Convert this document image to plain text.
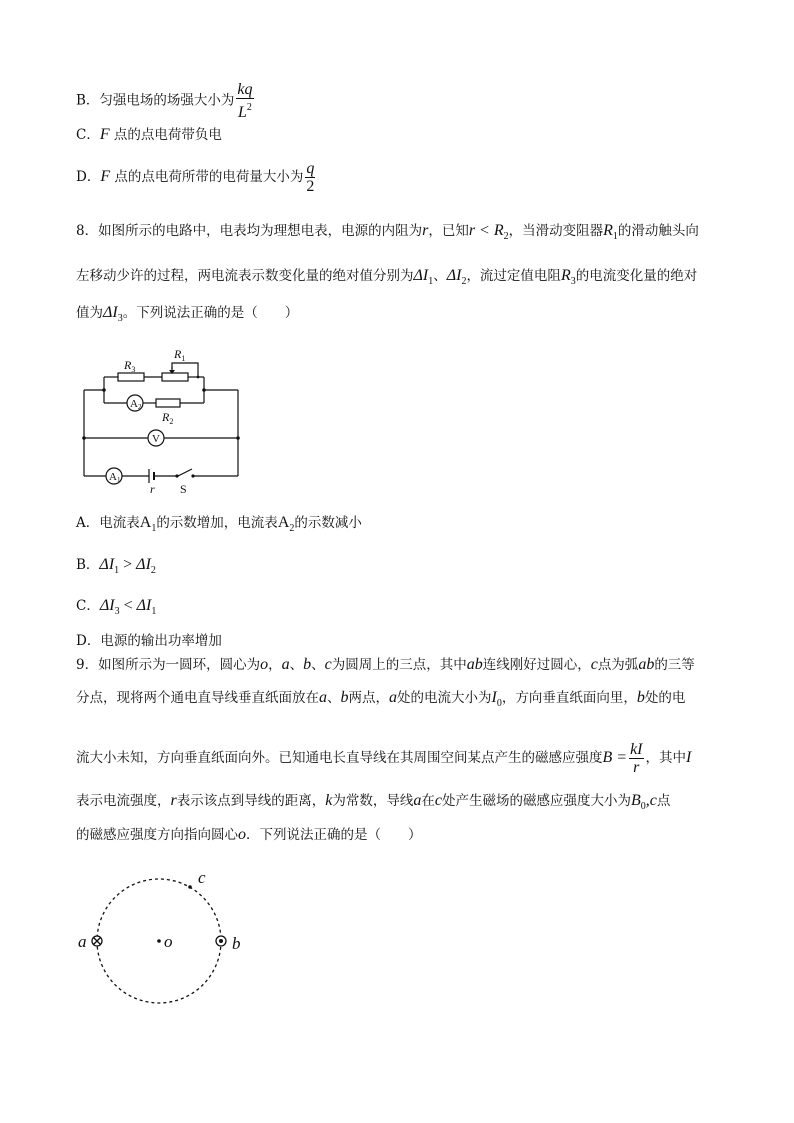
B．匀强电场的场强大小为 $\frac{kq}{L^2}$
C．F 点的点电荷带负电
D．F 点的点电荷所带的电荷量大小为 $\frac{q}{2}$
8．如图所示的电路中，电表均为理想电表，电源的内阻为r，已知$r < R_2$，当滑动变阻器$R_1$的滑动触头向
左移动少许的过程，两电流表示数变化量的绝对值分别为$\Delta I_1$、$\Delta I_2$，流过定值电阻$R_3$的电流变化量的绝对
值为$\Delta I_3$。下列说法正确的是（　　）
$R_3$
$R_1$
$R_2$
A2
V
A1
r S
A．电流表$A_1$的示数增加，电流表$A_2$的示数减小
B．$\Delta I_1 > \Delta I_2$
C．$\Delta I_3 < \Delta I_1$
D．电源的输出功率增加
9．如图所示为一圆环，圆心为o，a、b、c为圆周上的三点，其中ab连线刚好过圆心，c点为弧ab的三等
分点，现将两个通电直导线垂直纸面放在a、b两点，a处的电流大小为$I_0$，方向垂直纸面向里，b处的电
流大小未知，方向垂直纸面向外。已知通电长直导线在其周围空间某点产生的磁感应强度$B = \frac{kI}{r}$ ，其中I
表示电流强度，r表示该点到导线的距离，k为常数，导线a在c处产生磁场的磁感应强度大小为$B_0,c$点
的磁感应强度方向指向圆心o．下列说法正确的是（　　）
a	b
c
o
